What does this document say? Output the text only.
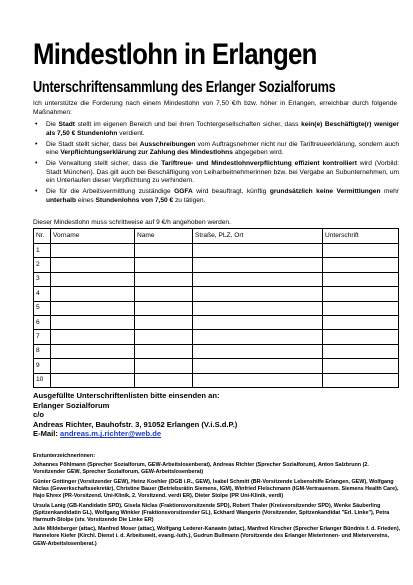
Mindestlohn in Erlangen
Unterschriftensammlung des Erlanger Sozialforums
Ich unterstütze die Forderung nach einem Mindestlohn von 7,50 €/h bzw. höher in Erlangen, erreichbar durch folgende Maßnahmen:
• Die Stadt stellt im eigenen Bereich und bei ihren Tochtergesellschaften sicher, dass kein(e) Beschäftigte(r) weniger als 7,50 € Stundenlohn verdient.
• Die Stadt stellt sicher, dass bei Ausschreibungen vom Auftragsnehmer nicht nur die Tariftreueerklärung, sondern auch eine Verpflichtungserklärung zur Zahlung des Mindestlohns abgegeben wird.
• Die Verwaltung stellt sicher, dass die Tariftreue- und Mindestlohnverpflichtung effizient kontrolliert wird (Vorbild: Stadt München). Das gilt auch bei Beschäftigung von Leiharbeitnehmerinnen bzw. bei Vergabe an Subunternehmen, um ein Unterlaufen dieser Verpflichtung zu verhindern.
• Die für die Arbeitsvermittlung zuständige GGFA wird beauftragt, künftig grundsätzlich keine Vermittlungen mehr unterhalb eines Stundenlohns von 7,50 € zu tätigen.
Dieser Mindestlohn muss schrittweise auf 9 €/h angehoben werden.
Nr.	Vorname	Name	Straße, PLZ, Ort	Unterschrift
1				
2				
3				
4				
5				
6				
7				
8				
9				
10				
Ausgefüllte Unterschriftenlisten bitte einsenden an:
Erlanger Sozialforum
c/o
Andreas Richter, Bauhofstr. 3, 91052 Erlangen (V.i.S.d.P.)
E-Mail: andreas.m.j.richter@web.de
Erstunterzeichnerinnen:

Johannes Pöhlmann (Sprecher Sozialforum, GEW-Arbeitslosenberat), Andreas Richter (Sprecher Sozialforum), Anton Salzbrunn (2. Vorsitzender GEW, Sprecher Sozialforum, GEW-Arbeitslosenberat)

Günter Gottinger (Vorsitzender GEW), Heinz Koehler (DGB i.R., GEW), Isabel Schmitt (BR-Vorsitzende Lebenshilfe Erlangen, GEW), Wolfgang Niclas (Gewerkschaftssekretär), Christine Bauer (Betriebsrätin Siemens, IGM), Winfried Fleischmann (IGM-Vertrauensm. Siemens Health Care), Hajo Ehrex (PR-Vorsitzend. Uni-Klinik, 2. Vorsitzend. verdi ER), Dieter Stolpe (PR Uni-Klinik, verdi)

Ursula Lanig (GB-Kandidatin SPD), Gisela Niclas (Fraktionsvorsitzende SPD), Robert Thaler (Kreisvorsitzender SPD), Wenke Säuberling (Spitzenkandidatin GL), Wolfgang Winkler (Fraktionsvorsitzender GL), Eckhard Wangerin (Vorsitzender, Spitzenkandidat "Erl. Linke"), Petra Harmuth-Stolpe (stv. Vorsitzende Die Linke ER)

Julie Mildeberger (attac), Manfred Moser (attac), Wolfgang Lederer-Kanawin (attac), Manfred Kirscher (Sprecher Erlanger Bündnis f. d. Frieden), Hannelore Kiefer (Kirchl. Dienst i. d. Arbeitswelt, evang.-luth.), Gudrun Bullmann (Vorsitzende des Erlanger Mieterinnen- und Mietervereins, GEW-Arbeitslosenberat.)
